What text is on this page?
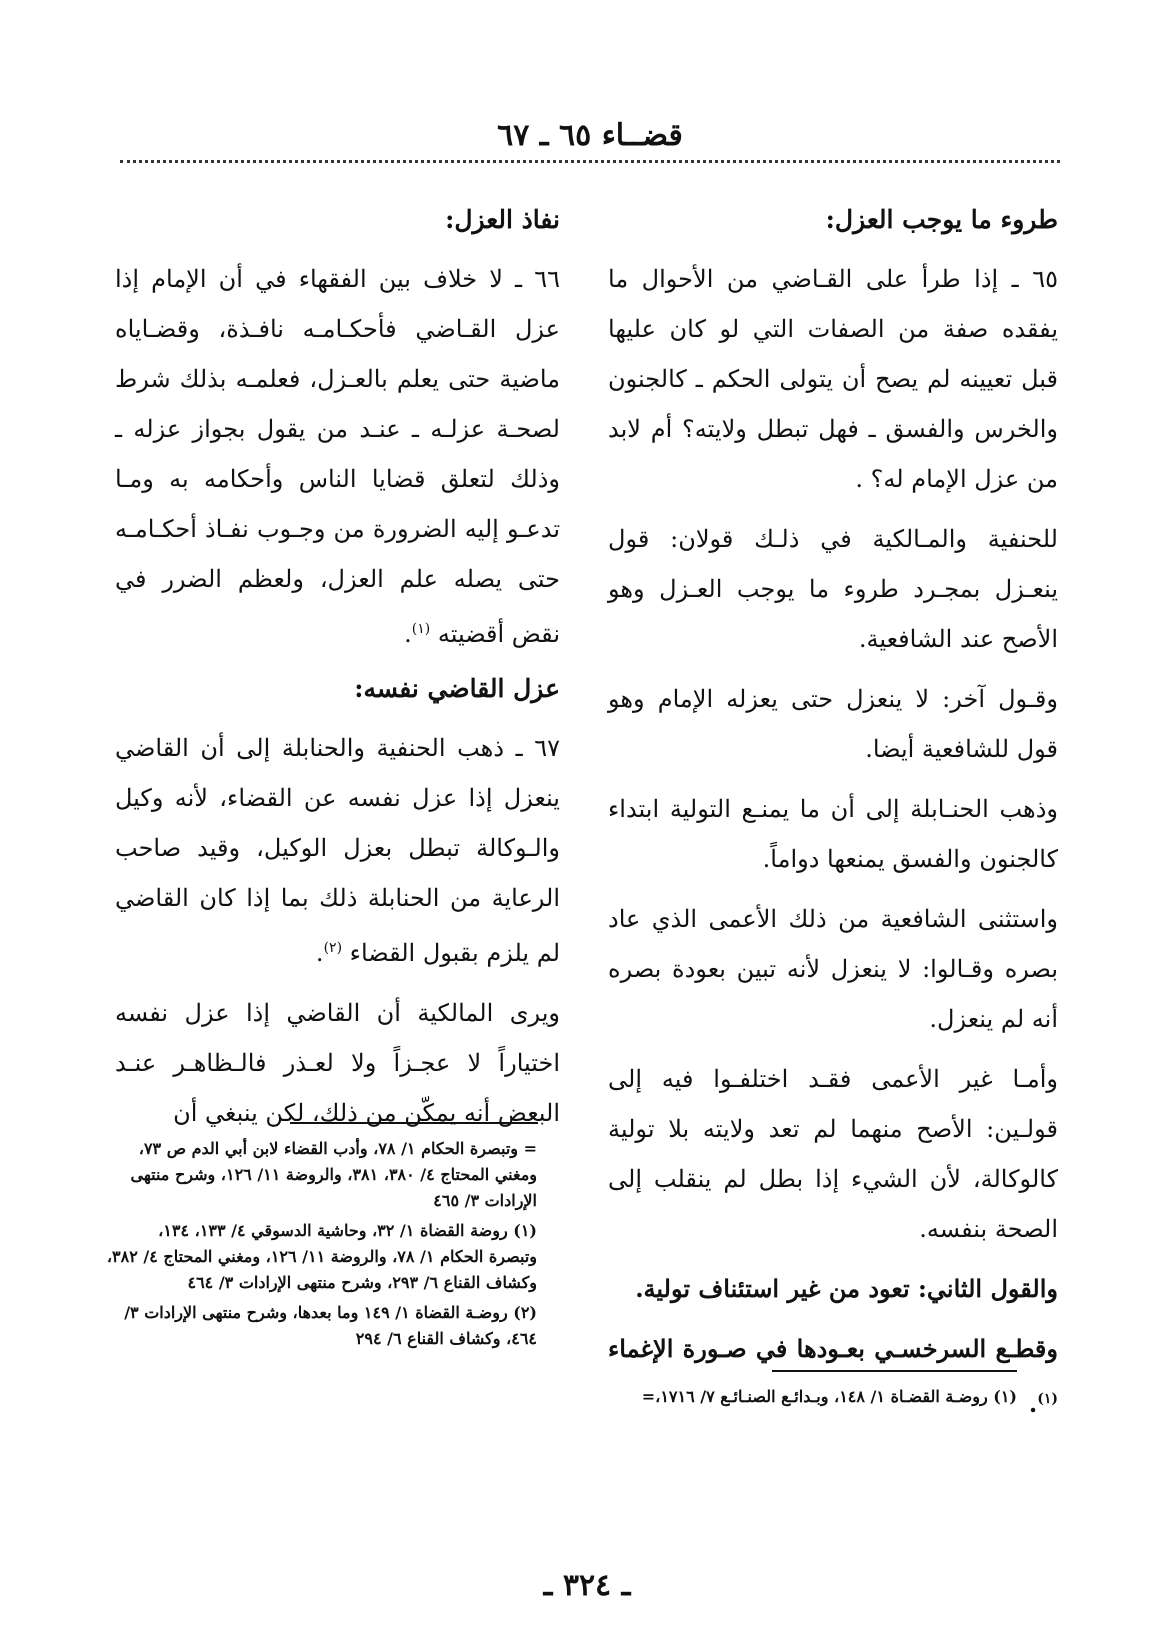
قضــاء ٦٥ ـ ٦٧
طروء ما يوجب العزل:

٦٥ ـ إذا طرأ على القـاضي من الأحوال ما يفقده صفة من الصفات التي لو كان عليها قبل تعيينه لم يصح أن يتولى الحكم ـ كالجنون والخرس والفسق ـ فهل تبطل ولايته؟ أم لابد من عزل الإمام له؟ .

للحنفية والمـالكية في ذلـك قولان: قول ينعـزل بمجـرد طروء ما يوجب العـزل وهو الأصح عند الشافعية.

وقـول آخر: لا ينعزل حتى يعزله الإمام وهو قول للشافعية أيضا.

وذهب الحنـابلة إلى أن ما يمنـع التولية ابتداء كالجنون والفسق يمنعها دواماً.

واستثنى الشافعية من ذلك الأعمى الذي عاد بصره وقـالوا: لا ينعزل لأنه تبين بعودة بصره أنه لم ينعزل.

وأمـا غير الأعمى فقـد اختلفـوا فيه إلى قولـين: الأصح منهما لم تعد ولايته بلا تولية كالوكالة، لأن الشيء إذا بطل لم ينقلب إلى الصحة بنفسه.

والقول الثاني: تعود من غير استئناف تولية.

وقطـع السرخسـي بعـودها في صـورة الإغماء $^{(١)}$.

(١) روضـة القضـاة ١/ ١٤٨، وبـدائـع الصنـائـع ٧/ ١٧١٦،=
نفاذ العزل:

٦٦ ـ لا خلاف بين الفقهاء في أن الإمام إذا عزل القـاضي فأحكـامـه نافـذة، وقضـاياه ماضية حتى يعلم بالعـزل، فعلمـه بذلك شرط لصحـة عزلـه ـ عنـد من يقول بجواز عزله ـ وذلك لتعلق قضايا الناس وأحكامه به ومـا تدعـو إليه الضرورة من وجـوب نفـاذ أحكـامـه حتى يصله علم العزل، ولعظم الضرر في نقض أقضيته $^{(١)}$.

عزل القاضي نفسه:

٦٧ ـ ذهب الحنفية والحنابلة إلى أن القاضي ينعزل إذا عزل نفسه عن القضاء، لأنه وكيل والـوكالة تبطل بعزل الوكيل، وقيد صاحب الرعاية من الحنابلة ذلك بما إذا كان القاضي لم يلزم بقبول القضاء $^{(٢)}$.

ويرى المالكية أن القاضي إذا عزل نفسه اختياراً لا عجـزاً ولا لعـذر فالـظاهـر عنـد البعض أنه يمكّن من ذلك، لكن ينبغي أن

= وتبصرة الحكام ١/ ٧٨، وأدب القضاء لابن أبي الدم ص ٧٣، ومغني المحتاج ٤/ ٣٨٠، ٣٨١، والروضة ١١/ ١٢٦، وشرح منتهى الإرادات ٣/ ٤٦٥
(١) روضة القضاة ١/ ٣٢، وحاشية الدسوقي ٤/ ١٣٣، ١٣٤، وتبصرة الحكام ١/ ٧٨، والروضة ١١/ ١٢٦، ومغني المحتاج ٤/ ٣٨٢، وكشاف القناع ٦/ ٢٩٣، وشرح منتهى الإرادات ٣/ ٤٦٤
(٢) روضـة القضاة ١/ ١٤٩ وما بعدها، وشرح منتهى الإرادات ٣/ ٤٦٤، وكشاف القناع ٦/ ٢٩٤
ـ ٣٢٤ ـ
